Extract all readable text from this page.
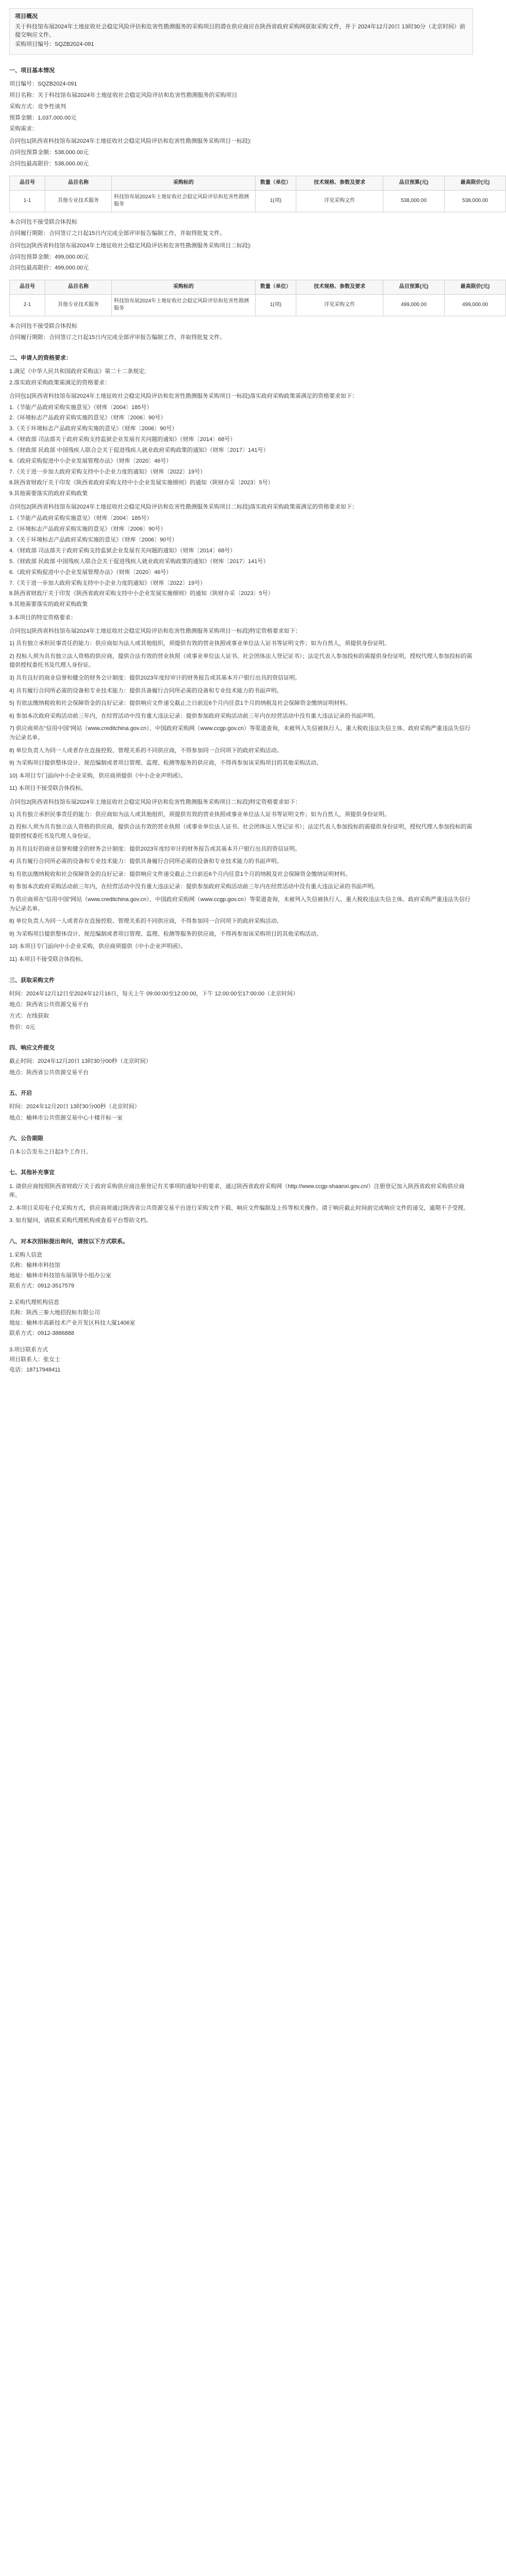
项目概况
关于科技馆布展2024年土地征收社会稳定风险评估和危害性勘测服务的采购项目的潜在供应商应在陕西省政府采购网获取采购文件，并于 2024年12月20日 13时30分（北京时间）前提交响应文件。
采购项目编号：SQZB2024-091
一、项目基本情况
项目编号：SQZB2024-091
项目名称：关于科技馆布展2024年土地征收社会稳定风险评估和危害性勘测服务的采购项目
采购方式：竞争性谈判
预算金额：1,037,000.00元
采购需求：
合同包1(陕西省科技馆布展2024年土地征收社会稳定风险评估和危害性勘测服务采购项目一标段):
合同包预算金额：538,000.00元
合同包最高限价：538,000.00元
品目号	品目名称	采购标的	数量（单位）	技术规格、参数及要求	品目预算(元)	最高限价(元)
1-1	其他专业技术服务	科技馆布展2024年土地征收社会稳定风险评估和危害性勘测服务	1(项)	详见采购文件	538,000.00	538,000.00
本合同包不接受联合体投标
合同履行期限：合同签订之日起15日内完成全部评审报告编制工作，并取得批复文件。
合同包2(陕西省科技馆布展2024年土地征收社会稳定风险评估和危害性勘测服务采购项目二标段):
合同包预算金额：499,000.00元
合同包最高限价：499,000.00元
品目号	品目名称	采购标的	数量（单位）	技术规格、参数及要求	品目预算(元)	最高限价(元)
2-1	其他专业技术服务	科技馆布展2024年土地征收社会稳定风险评估和危害性勘测服务	1(项)	详见采购文件	499,000.00	499,000.00
本合同包不接受联合体投标
合同履行期限：合同签订之日起15日内完成全部评审报告编制工作，并取得批复文件。
二、申请人的资格要求：
1.满足《中华人民共和国政府采购法》第二十二条规定;
2.落实政府采购政策需满足的资格要求：
合同包1(陕西省科技馆布展2024年土地征收社会稳定风险评估和危害性勘测服务采购项目一标段)落实政府采购政策需满足的资格要求如下：
1.《节能产品政府采购实施意见》（财库〔2004〕185号）
2.《环境标志产品政府采购实施的意见》（财库〔2006〕90号）
3.《关于环境标志产品政府采购实施的意见》（财库〔2006〕90号）
4.《财政部 司法部关于政府采购支持监狱企业发展有关问题的通知》（财库〔2014〕68号）
5.《财政部 民政部 中国残疾人联合会关于促进残疾人就业政府采购政策的通知》（财库〔2017〕141号）
6.《政府采购促进中小企业发展管理办法》（财库〔2020〕46号）
7.《关于进一步加大政府采购支持中小企业力度的通知》（财库〔2022〕19号）
8.陕西省财政厅关于印发《陕西省政府采购支持中小企业发展实施细则》的通知（陕财办采〔2023〕5号）
9.其他需要落实的政府采购政策
合同包2(陕西省科技馆布展2024年土地征收社会稳定风险评估和危害性勘测服务采购项目二标段)落实政府采购政策需满足的资格要求如下：
1.《节能产品政府采购实施意见》（财库〔2004〕185号）
2.《环境标志产品政府采购实施的意见》（财库〔2006〕90号）
3.《关于环境标志产品政府采购实施的意见》（财库〔2006〕90号）
4.《财政部 司法部关于政府采购支持监狱企业发展有关问题的通知》（财库〔2014〕68号）
5.《财政部 民政部 中国残疾人联合会关于促进残疾人就业政府采购政策的通知》（财库〔2017〕141号）
6.《政府采购促进中小企业发展管理办法》（财库〔2020〕46号）
7.《关于进一步加大政府采购支持中小企业力度的通知》（财库〔2022〕19号）
8.陕西省财政厅关于印发《陕西省政府采购支持中小企业发展实施细则》的通知（陕财办采〔2023〕5号）
9.其他需要落实的政府采购政策
3.本项目的特定资格要求：
合同包1(陕西省科技馆布展2024年土地征收社会稳定风险评估和危害性勘测服务采购项目一标段)特定资格要求如下：
1) 具有独立承担民事责任的能力：供应商如为法人或其他组织，须提供有效的营业执照或事业单位法人证书等证明文件；如为自然人，须提供身份证明。
2) 投标人须为具有独立法人资格的供应商，提供合法有效的营业执照（或事业单位法人证书、社会团体法人登记证书）；法定代表人参加投标的需提供身份证明，授权代理人参加投标的需提供授权委托书及代理人身份证。
3) 具有良好的商业信誉和健全的财务会计制度：提供2023年度经审计的财务报告或其基本开户银行出具的资信证明。
4) 具有履行合同所必需的设备和专业技术能力：提供具备履行合同所必需的设备和专业技术能力的书面声明。
5) 有依法缴纳税收和社会保障资金的良好记录：提供响应文件递交截止之日前近6个月内任意1个月的纳税及社会保障资金缴纳证明材料。
6) 参加本次政府采购活动前三年内，在经营活动中没有重大违法记录：提供参加政府采购活动前三年内在经营活动中没有重大违法记录的书面声明。
7) 供应商须在“信用中国”网站（www.creditchina.gov.cn）、中国政府采购网（www.ccgp.gov.cn）等渠道查询，未被列入失信被执行人、重大税收违法失信主体、政府采购严重违法失信行为记录名单。
8) 单位负责人为同一人或者存在直接控股、管理关系的不同供应商，不得参加同一合同项下的政府采购活动。
9) 为采购项目提供整体设计、规范编制或者项目管理、监理、检测等服务的供应商，不得再参加该采购项目的其他采购活动。
10) 本项目专门面向中小企业采购，供应商须提供《中小企业声明函》。
11) 本项目不接受联合体投标。
合同包2(陕西省科技馆布展2024年土地征收社会稳定风险评估和危害性勘测服务采购项目二标段)特定资格要求如下：
1) 具有独立承担民事责任的能力：供应商如为法人或其他组织，须提供有效的营业执照或事业单位法人证书等证明文件；如为自然人，须提供身份证明。
2) 投标人须为具有独立法人资格的供应商，提供合法有效的营业执照（或事业单位法人证书、社会团体法人登记证书）；法定代表人参加投标的需提供身份证明，授权代理人参加投标的需提供授权委托书及代理人身份证。
3) 具有良好的商业信誉和健全的财务会计制度：提供2023年度经审计的财务报告或其基本开户银行出具的资信证明。
4) 具有履行合同所必需的设备和专业技术能力：提供具备履行合同所必需的设备和专业技术能力的书面声明。
5) 有依法缴纳税收和社会保障资金的良好记录：提供响应文件递交截止之日前近6个月内任意1个月的纳税及社会保障资金缴纳证明材料。
6) 参加本次政府采购活动前三年内，在经营活动中没有重大违法记录：提供参加政府采购活动前三年内在经营活动中没有重大违法记录的书面声明。
7) 供应商须在“信用中国”网站（www.creditchina.gov.cn）、中国政府采购网（www.ccgp.gov.cn）等渠道查询，未被列入失信被执行人、重大税收违法失信主体、政府采购严重违法失信行为记录名单。
8) 单位负责人为同一人或者存在直接控股、管理关系的不同供应商，不得参加同一合同项下的政府采购活动。
9) 为采购项目提供整体设计、规范编制或者项目管理、监理、检测等服务的供应商，不得再参加该采购项目的其他采购活动。
10) 本项目专门面向中小企业采购，供应商须提供《中小企业声明函》。
11) 本项目不接受联合体投标。
三、获取采购文件
时间：2024年12月12日至2024年12月16日，每天上午 09:00:00至12:00:00，下午 12:00:00至17:00:00（北京时间）
地点：陕西省公共资源交易平台
方式：在线获取
售价：0元
四、响应文件提交
截止时间：2024年12月20日 13时30分00秒（北京时间）
地点：陕西省公共资源交易平台
五、开启
时间：2024年12月20日 13时30分00秒（北京时间）
地点：榆林市公共资源交易中心十楼开标一室
六、公告期限
自本公告发布之日起3个工作日。
七、其他补充事宜
1. 请供应商按照陕西省财政厅关于政府采购供应商注册登记有关事项的通知中的要求，通过陕西省政府采购网（http://www.ccgp-shaanxi.gov.cn/）注册登记加入陕西省政府采购供应商库。
2. 本项目采用电子化采购方式，供应商须通过陕西省公共资源交易平台进行采购文件下载、响应文件编制及上传等相关操作。请于响应截止时间前完成响应文件的递交，逾期不予受理。
3. 如有疑问，请联系采购代理机构或查看平台帮助文档。
八、对本次招标提出询问，请按以下方式联系。
1.采购人信息
名称：榆林市科技馆
地址：榆林市科技馆布展领导小组办公室
联系方式：0912-3517579
2.采购代理机构信息
名称：陕西三秦大地招投标有限公司
地址：榆林市高新技术产业开发区科技大厦1406室
联系方式：0912-3886888
3.项目联系方式
项目联系人：张女士
电话：18717948411
